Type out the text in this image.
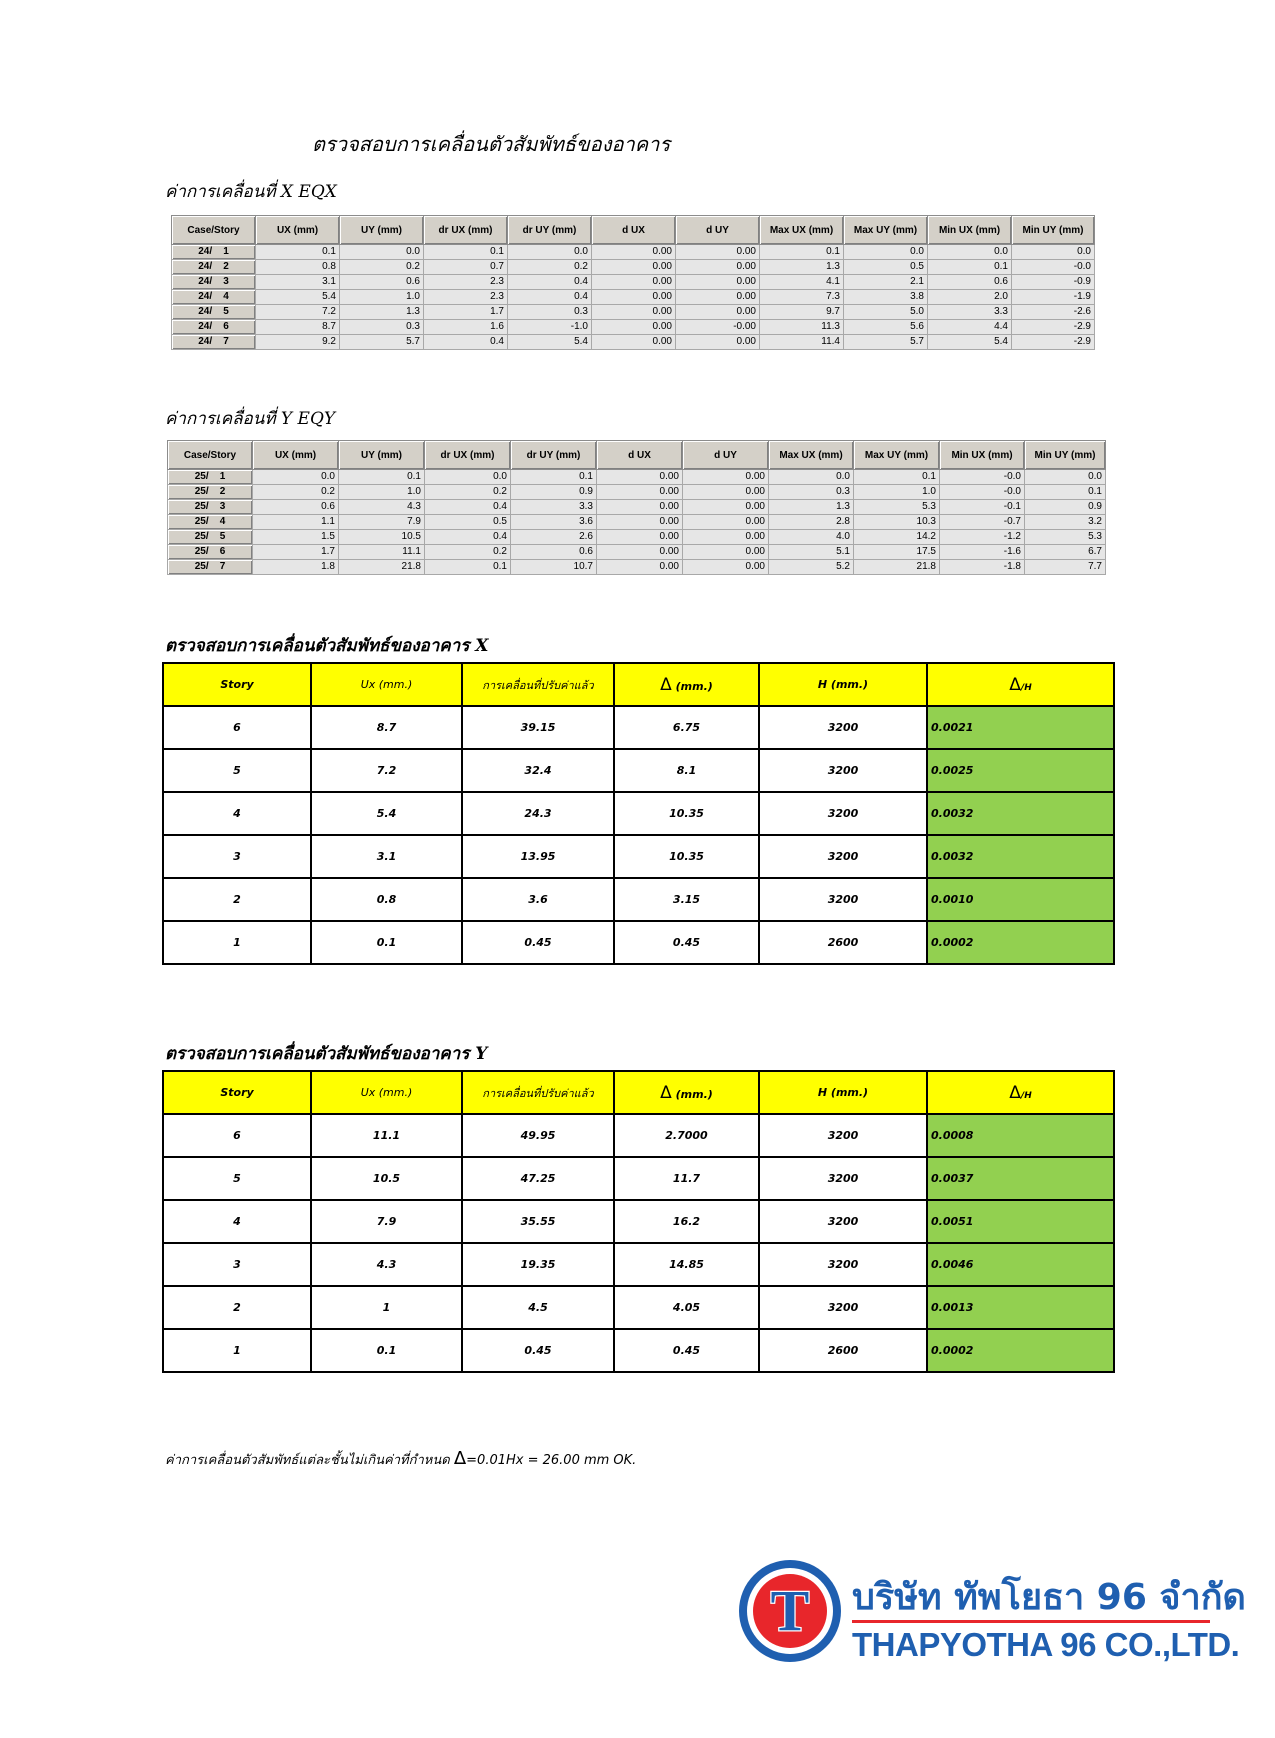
ตรวจสอบการเคลื่อนตัวสัมพัทธ์ของอาคาร
ค่าการเคลื่อนที่ X EQX
Case/Story	UX (mm)	UY (mm)	dr UX (mm)	dr UY (mm)	d UX	d UY	Max UX (mm)	Max UY (mm)	Min UX (mm)	Min UY (mm)
24/    1	0.1	0.0	0.1	0.0	0.00	0.00	0.1	0.0	0.0	0.0
24/    2	0.8	0.2	0.7	0.2	0.00	0.00	1.3	0.5	0.1	-0.0
24/    3	3.1	0.6	2.3	0.4	0.00	0.00	4.1	2.1	0.6	-0.9
24/    4	5.4	1.0	2.3	0.4	0.00	0.00	7.3	3.8	2.0	-1.9
24/    5	7.2	1.3	1.7	0.3	0.00	0.00	9.7	5.0	3.3	-2.6
24/    6	8.7	0.3	1.6	-1.0	0.00	-0.00	11.3	5.6	4.4	-2.9
24/    7	9.2	5.7	0.4	5.4	0.00	0.00	11.4	5.7	5.4	-2.9
ค่าการเคลื่อนที่ Y EQY
Case/Story	UX (mm)	UY (mm)	dr UX (mm)	dr UY (mm)	d UX	d UY	Max UX (mm)	Max UY (mm)	Min UX (mm)	Min UY (mm)
25/    1	0.0	0.1	0.0	0.1	0.00	0.00	0.0	0.1	-0.0	0.0
25/    2	0.2	1.0	0.2	0.9	0.00	0.00	0.3	1.0	-0.0	0.1
25/    3	0.6	4.3	0.4	3.3	0.00	0.00	1.3	5.3	-0.1	0.9
25/    4	1.1	7.9	0.5	3.6	0.00	0.00	2.8	10.3	-0.7	3.2
25/    5	1.5	10.5	0.4	2.6	0.00	0.00	4.0	14.2	-1.2	5.3
25/    6	1.7	11.1	0.2	0.6	0.00	0.00	5.1	17.5	-1.6	6.7
25/    7	1.8	21.8	0.1	10.7	0.00	0.00	5.2	21.8	-1.8	7.7
ตรวจสอบการเคลื่อนตัวสัมพัทธ์ของอาคาร X
Story	Ux (mm.)	การเคลื่อนที่ปรับค่าแล้ว	Δ (mm.)	H (mm.)	Δ/H
6	8.7	39.15	6.75	3200	0.0021
5	7.2	32.4	8.1	3200	0.0025
4	5.4	24.3	10.35	3200	0.0032
3	3.1	13.95	10.35	3200	0.0032
2	0.8	3.6	3.15	3200	0.0010
1	0.1	0.45	0.45	2600	0.0002
ตรวจสอบการเคลื่อนตัวสัมพัทธ์ของอาคาร Y
Story	Ux (mm.)	การเคลื่อนที่ปรับค่าแล้ว	Δ (mm.)	H (mm.)	Δ/H
6	11.1	49.95	2.7000	3200	0.0008
5	10.5	47.25	11.7	3200	0.0037
4	7.9	35.55	16.2	3200	0.0051
3	4.3	19.35	14.85	3200	0.0046
2	1	4.5	4.05	3200	0.0013
1	0.1	0.45	0.45	2600	0.0002
ค่าการเคลื่อนตัวสัมพัทธ์แต่ละชั้นไม่เกินค่าที่กำหนด Δ=0.01Hx = 26.00 mm OK.
T บริษัท ทัพโยธา 96 จำกัด
THAPYOTHA 96 CO.,LTD.
